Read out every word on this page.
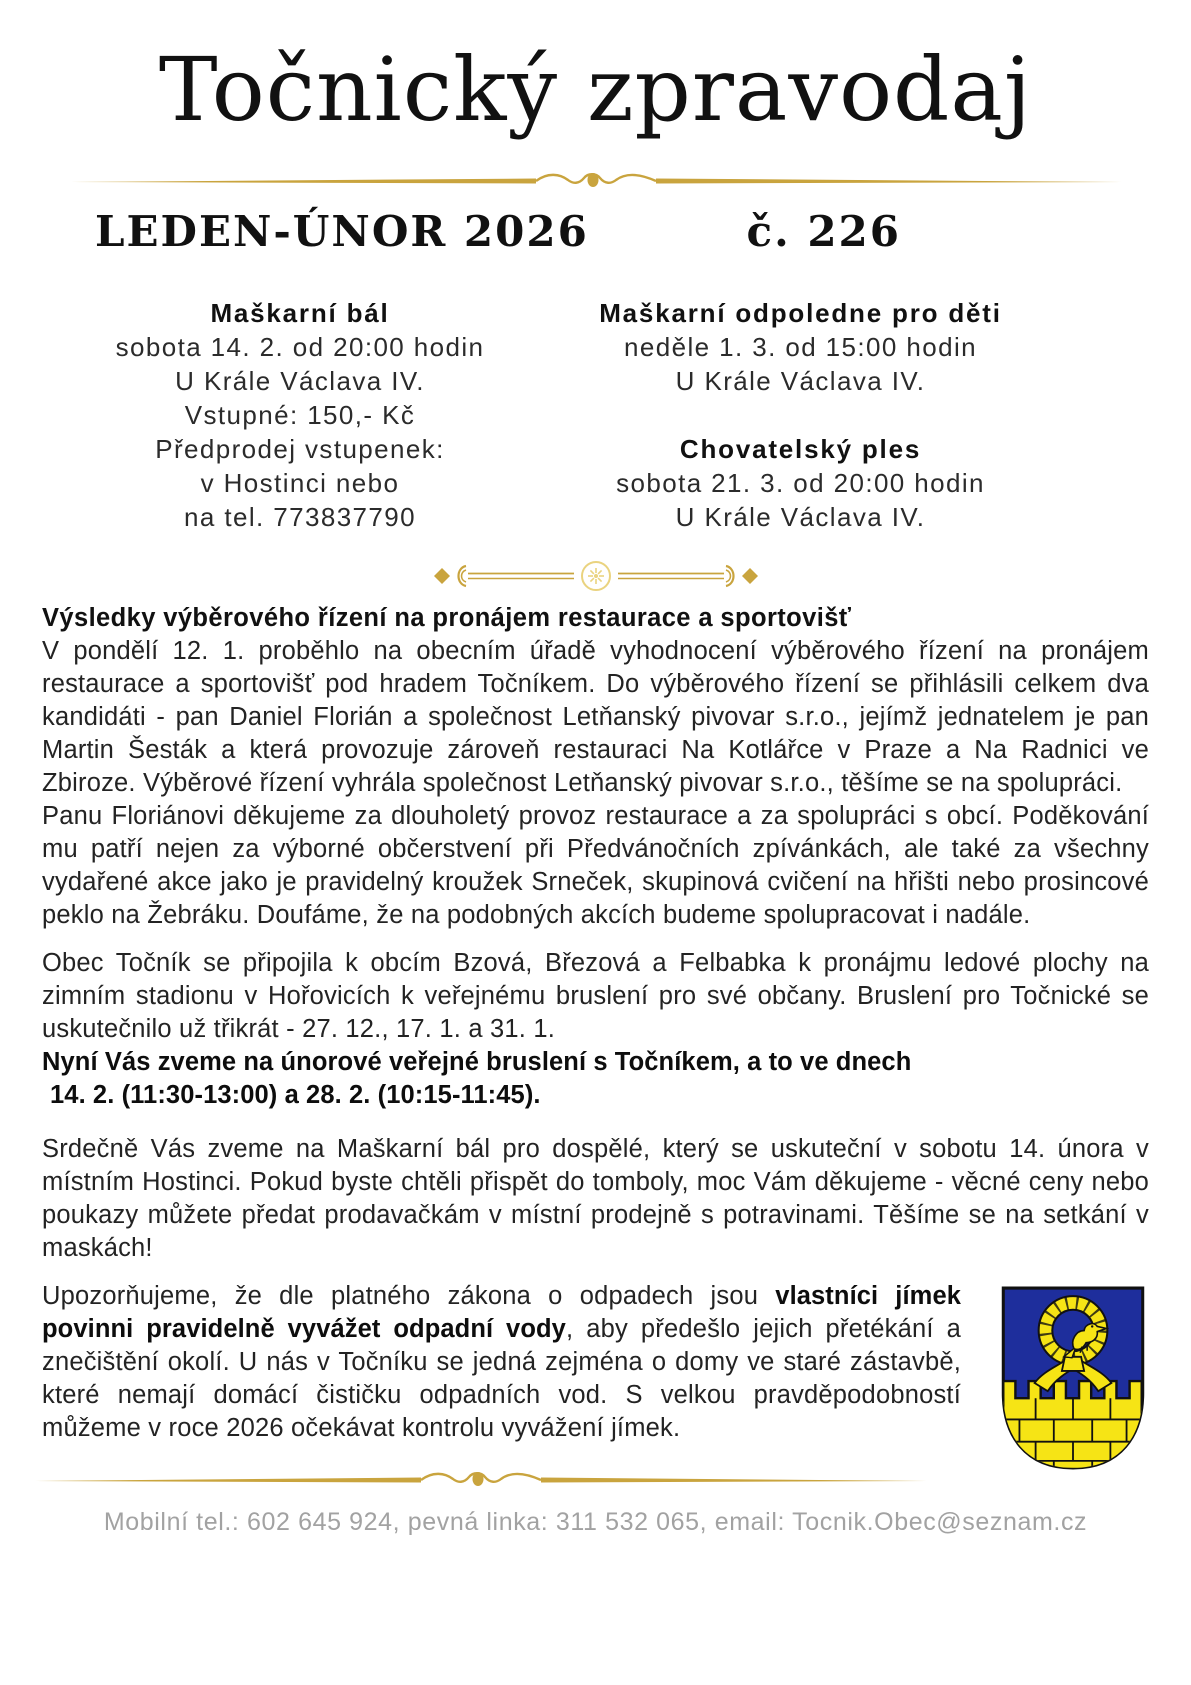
Točnický zpravodaj
LEDEN-ÚNOR 2026	č. 226
Maškarní bál
sobota 14. 2. od 20:00 hodin
U Krále Václava IV.
Vstupné: 150,- Kč
Předprodej vstupenek:
v Hostinci nebo
na tel. 773837790
Maškarní odpoledne pro děti
neděle 1. 3. od 15:00 hodin
U Krále Václava IV.
Chovatelský ples
sobota 21. 3. od 20:00 hodin
U Krále Václava IV.
Výsledky výběrového řízení na pronájem restaurace a sportovišť

V pondělí 12. 1. proběhlo na obecním úřadě vyhodnocení výběrového řízení na pronájem restaurace a sportovišť pod hradem Točníkem. Do výběrového řízení se přihlásili celkem dva kandidáti - pan Daniel Florián a společnost Letňanský pivovar s.r.o., jejímž jednatelem je pan Martin Šesták a která provozuje zároveň restauraci Na Kotlářce v Praze a Na Radnici ve Zbiroze. Výběrové řízení vyhrála společnost Letňanský pivovar s.r.o., těšíme se na spolupráci.

Panu Floriánovi děkujeme za dlouholetý provoz restaurace a za spolupráci s obcí. Poděkování mu patří nejen za výborné občerstvení při Předvánočních zpívánkách, ale také za všechny vydařené akce jako je pravidelný kroužek Srneček, skupinová cvičení na hřišti nebo prosincové peklo na Žebráku. Doufáme, že na podobných akcích budeme spolupracovat i nadále.

Obec Točník se připojila k obcím Bzová, Březová a Felbabka k pronájmu ledové plochy na zimním stadionu v Hořovicích k veřejnému bruslení pro své občany. Bruslení pro Točnické se uskutečnilo už třikrát - 27. 12., 17. 1. a 31. 1.
Nyní Vás zveme na únorové veřejné bruslení s Točníkem, a to ve dnech
14. 2. (11:30-13:00) a 28. 2. (10:15-11:45).

Srdečně Vás zveme na Maškarní bál pro dospělé, který se uskuteční v sobotu 14. února v místním Hostinci. Pokud byste chtěli přispět do tomboly, moc Vám děkujeme - věcné ceny nebo poukazy můžete předat prodavačkám v místní prodejně s potravinami. Těšíme se na setkání v maskách!

Upozorňujeme, že dle platného zákona o odpadech jsou vlastníci jímek povinni pravidelně vyvážet odpadní vody, aby předešlo jejich přetékání a znečištění okolí. U nás v Točníku se jedná zejména o domy ve staré zástavbě, které nemají domácí čističku odpadních vod. S velkou pravděpodobností můžeme v roce 2026 očekávat kontrolu vyvážení jímek.

Mobilní tel.: 602 645 924, pevná linka: 311 532 065, email: Tocnik.Obec@seznam.cz
